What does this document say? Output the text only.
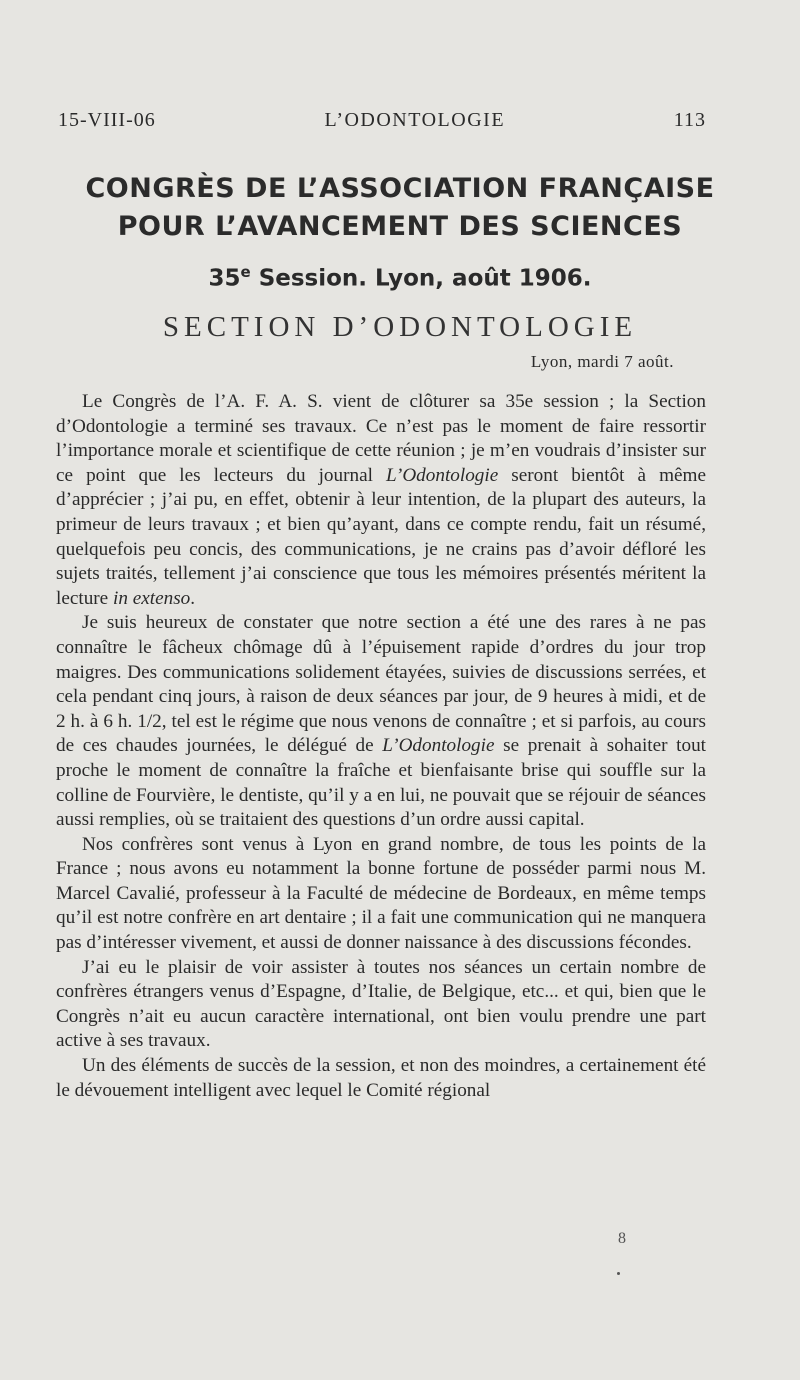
15-VIII-06	L’ODONTOLOGIE	113
CONGRÈS DE L’ASSOCIATION FRANÇAISE
POUR L’AVANCEMENT DES SCIENCES
35e Session. Lyon, août 1906.
SECTION D’ODONTOLOGIE
Lyon, mardi 7 août.

Le Congrès de l’A. F. A. S. vient de clôturer sa 35e session ; la Section d’Odontologie a terminé ses travaux. Ce n’est pas le moment de faire ressortir l’importance morale et scientifique de cette réunion ; je m’en voudrais d’insister sur ce point que les lecteurs du journal L’Odontologie seront bientôt à même d’apprécier ; j’ai pu, en effet, obtenir à leur intention, de la plupart des auteurs, la primeur de leurs travaux ; et bien qu’ayant, dans ce compte rendu, fait un résumé, quelquefois peu concis, des communications, je ne crains pas d’avoir défloré les sujets traités, tellement j’ai conscience que tous les mémoires présentés méritent la lecture in extenso.

Je suis heureux de constater que notre section a été une des rares à ne pas connaître le fâcheux chômage dû à l’épuisement rapide d’ordres du jour trop maigres. Des communications solidement étayées, suivies de discussions serrées, et cela pendant cinq jours, à raison de deux séances par jour, de 9 heures à midi, et de 2 h. à 6 h. 1/2, tel est le régime que nous venons de connaître ; et si parfois, au cours de ces chaudes journées, le délégué de L’Odontologie se prenait à sohaiter tout proche le moment de connaître la fraîche et bienfaisante brise qui souffle sur la colline de Fourvière, le dentiste, qu’il y a en lui, ne pouvait que se réjouir de séances aussi remplies, où se traitaient des questions d’un ordre aussi capital.

Nos confrères sont venus à Lyon en grand nombre, de tous les points de la France ; nous avons eu notamment la bonne fortune de posséder parmi nous M. Marcel Cavalié, professeur à la Faculté de médecine de Bordeaux, en même temps qu’il est notre confrère en art dentaire ; il a fait une communication qui ne manquera pas d’intéresser vivement, et aussi de donner naissance à des discussions fécondes.

J’ai eu le plaisir de voir assister à toutes nos séances un certain nombre de confrères étrangers venus d’Espagne, d’Italie, de Belgique, etc... et qui, bien que le Congrès n’ait eu aucun caractère international, ont bien voulu prendre une part active à ses travaux.

Un des éléments de succès de la session, et non des moindres, a certainement été le dévouement intelligent avec lequel le Comité régional

8
